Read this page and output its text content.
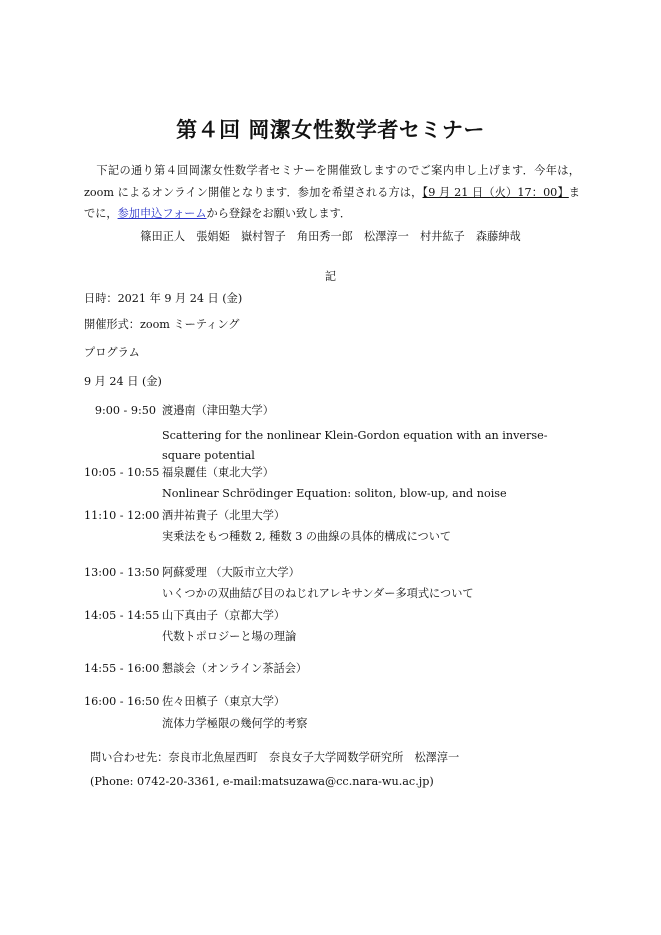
第４回 岡潔女性数学者セミナー

下記の通り第４回岡潔女性数学者セミナーを開催致しますのでご案内申し上げます．今年は，zoom によるオンライン開催となります．参加を希望される方は，【9 月 21 日（火）17：00】までに，参加申込フォームから登録をお願い致します．

篠田正人　張娟姫　嶽村智子　角田秀一郎　松澤淳一　村井紘子　森藤紳哉
記
日時：2021 年 9 月 24 日 (金)
開催形式：zoom ミーティング
プログラム
9 月 24 日 (金)
9:00 - 9:50 渡邉南（津田塾大学）
Scattering for the nonlinear Klein-Gordon equation with an inverse-square potential
10:05 - 10:55 福泉麗佳（東北大学）
Nonlinear Schrödinger Equation: soliton, blow-up, and noise
11:10 - 12:00 酒井祐貴子（北里大学）
実乗法をもつ種数 2, 種数 3 の曲線の具体的構成について
13:00 - 13:50 阿蘇愛理 （大阪市立大学）
いくつかの双曲結び目のねじれアレキサンダー多項式について
14:05 - 14:55 山下真由子（京都大学）
代数トポロジーと場の理論
14:55 - 16:00 懇談会（オンライン茶話会）
16:00 - 16:50 佐々田槙子（東京大学）
流体力学極限の幾何学的考察
問い合わせ先：奈良市北魚屋西町　奈良女子大学岡数学研究所　松澤淳一
(Phone: 0742-20-3361, e-mail:matsuzawa@cc.nara-wu.ac.jp)
